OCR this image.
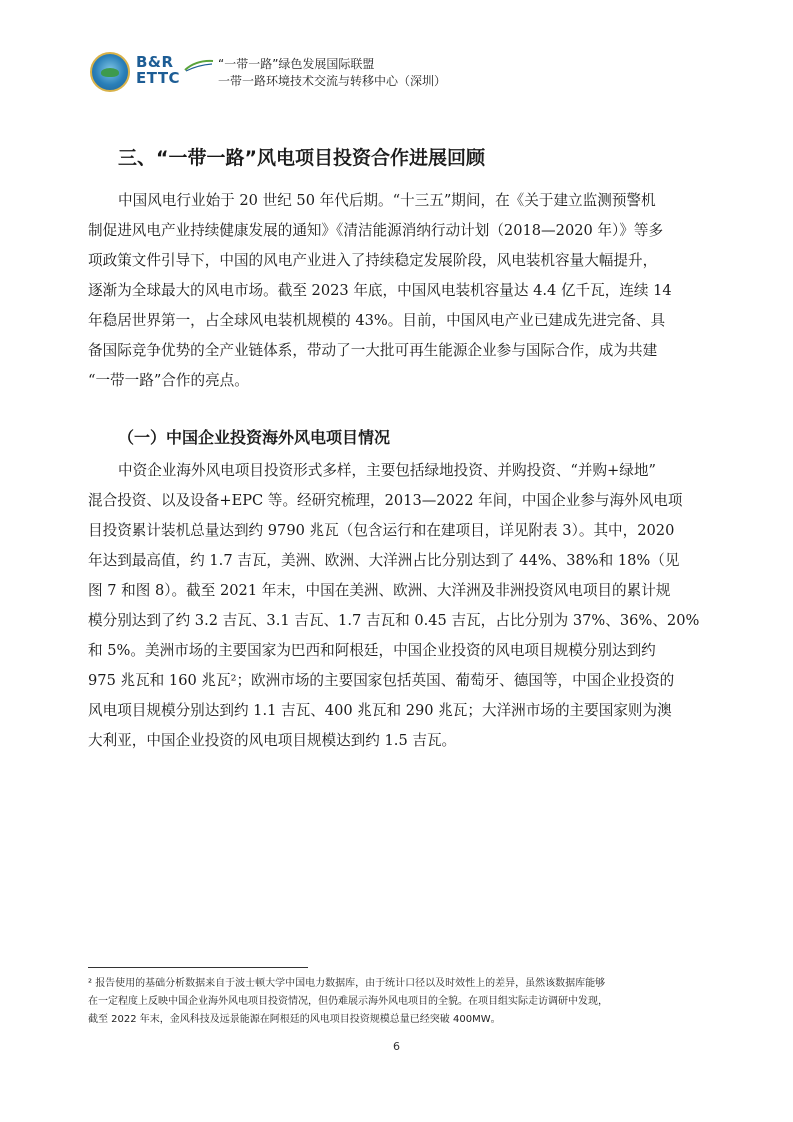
B&R
ETTC
“一带一路”绿色发展国际联盟
一带一路环境技术交流与转移中心（深圳）
三、“一带一路”风电项目投资合作进展回顾
中国风电行业始于 20 世纪 50 年代后期。“十三五”期间，在《关于建立监测预警机
制促进风电产业持续健康发展的通知》《清洁能源消纳行动计划（2018—2020 年）》等多
项政策文件引导下，中国的风电产业进入了持续稳定发展阶段，风电装机容量大幅提升，
逐渐为全球最大的风电市场。截至 2023 年底，中国风电装机容量达 4.4 亿千瓦，连续 14
年稳居世界第一，占全球风电装机规模的 43%。目前，中国风电产业已建成先进完备、具
备国际竞争优势的全产业链体系，带动了一大批可再生能源企业参与国际合作，成为共建
“一带一路”合作的亮点。
（一）中国企业投资海外风电项目情况
中资企业海外风电项目投资形式多样，主要包括绿地投资、并购投资、“并购+绿地”
混合投资、以及设备+EPC 等。经研究梳理，2013—2022 年间，中国企业参与海外风电项
目投资累计装机总量达到约 9790 兆瓦（包含运行和在建项目，详见附表 3）。其中，2020
年达到最高值，约 1.7 吉瓦，美洲、欧洲、大洋洲占比分别达到了 44%、38%和 18%（见
图 7 和图 8）。截至 2021 年末，中国在美洲、欧洲、大洋洲及非洲投资风电项目的累计规
模分别达到了约 3.2 吉瓦、3.1 吉瓦、1.7 吉瓦和 0.45 吉瓦，占比分别为 37%、36%、20%
和 5%。美洲市场的主要国家为巴西和阿根廷，中国企业投资的风电项目规模分别达到约
975 兆瓦和 160 兆瓦²；欧洲市场的主要国家包括英国、葡萄牙、德国等，中国企业投资的
风电项目规模分别达到约 1.1 吉瓦、400 兆瓦和 290 兆瓦；大洋洲市场的主要国家则为澳
大利亚，中国企业投资的风电项目规模达到约 1.5 吉瓦。
² 报告使用的基础分析数据来自于波士顿大学中国电力数据库，由于统计口径以及时效性上的差异，虽然该数据库能够
在一定程度上反映中国企业海外风电项目投资情况，但仍难展示海外风电项目的全貌。在项目组实际走访调研中发现，
截至 2022 年末，金风科技及远景能源在阿根廷的风电项目投资规模总量已经突破 400MW。
6
